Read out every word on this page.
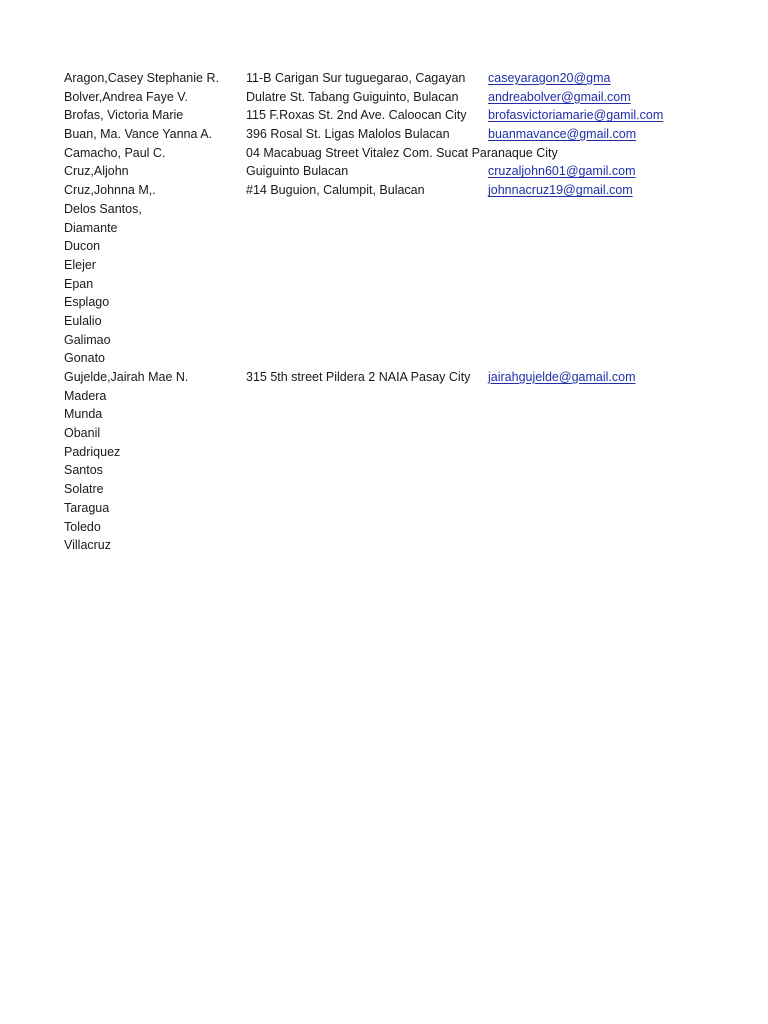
Aragon,Casey Stephanie R. 11-B Carigan Sur tuguegarao, Cagayan caseyaragon20@gma
Bolver,Andrea Faye V.	Dulatre St. Tabang Guiguinto, Bulacan andreabolver@gmail.com
Brofas, Victoria Marie	115 F.Roxas St. 2nd Ave. Caloocan City brofasvictoriamarie@gamil.com
Buan, Ma. Vance Yanna A.	396 Rosal St. Ligas Malolos Bulacan	buanmavance@gmail.com
Camacho, Paul C.	04 Macabuag Street Vitalez Com. Sucat Paranaque City
Cruz,Aljohn	Guiguinto Bulacan	cruzaljohn601@gamil.com
Cruz,Johnna M,.	#14 Buguion, Calumpit, Bulacan	johnnacruz19@gmail.com
Delos Santos,
Diamante
Ducon
Elejer
Epan
Esplago
Eulalio
Galimao
Gonato
Gujelde,Jairah Mae N.	315 5th street Pildera 2 NAIA Pasay City jairahgujelde@gamail.com
Madera
Munda
Obanil
Padriquez
Santos
Solatre
Taragua
Toledo
Villacruz
